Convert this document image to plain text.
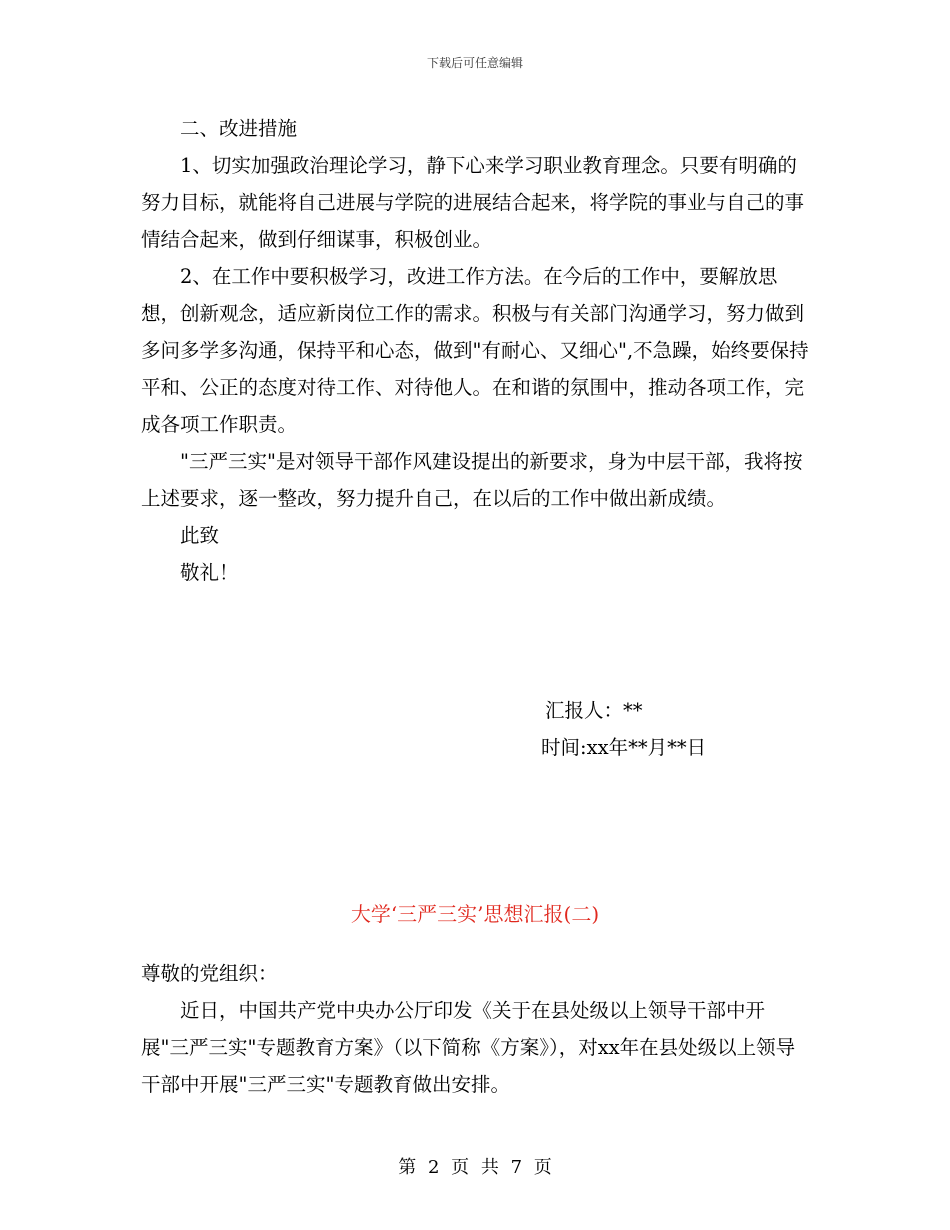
下载后可任意编辑

二、改进措施

1、切实加强政治理论学习，静下心来学习职业教育理念。只要有明确的努力目标，就能将自己进展与学院的进展结合起来，将学院的事业与自己的事情结合起来，做到仔细谋事，积极创业。

2、在工作中要积极学习，改进工作方法。在今后的工作中，要解放思想，创新观念，适应新岗位工作的需求。积极与有关部门沟通学习，努力做到多问多学多沟通，保持平和心态，做到"有耐心、又细心",不急躁，始终要保持平和、公正的态度对待工作、对待他人。在和谐的氛围中，推动各项工作，完成各项工作职责。

"三严三实"是对领导干部作风建设提出的新要求，身为中层干部，我将按上述要求，逐一整改，努力提升自己，在以后的工作中做出新成绩。

此致

敬礼！

汇报人：**
时间:xx年**月**日
大学‘三严三实’思想汇报(二)

尊敬的党组织：

近日，中国共产党中央办公厅印发《关于在县处级以上领导干部中开展"三严三实"专题教育方案》（以下简称《方案》），对xx年在县处级以上领导干部中开展"三严三实"专题教育做出安排。

第 2 页 共 7 页
